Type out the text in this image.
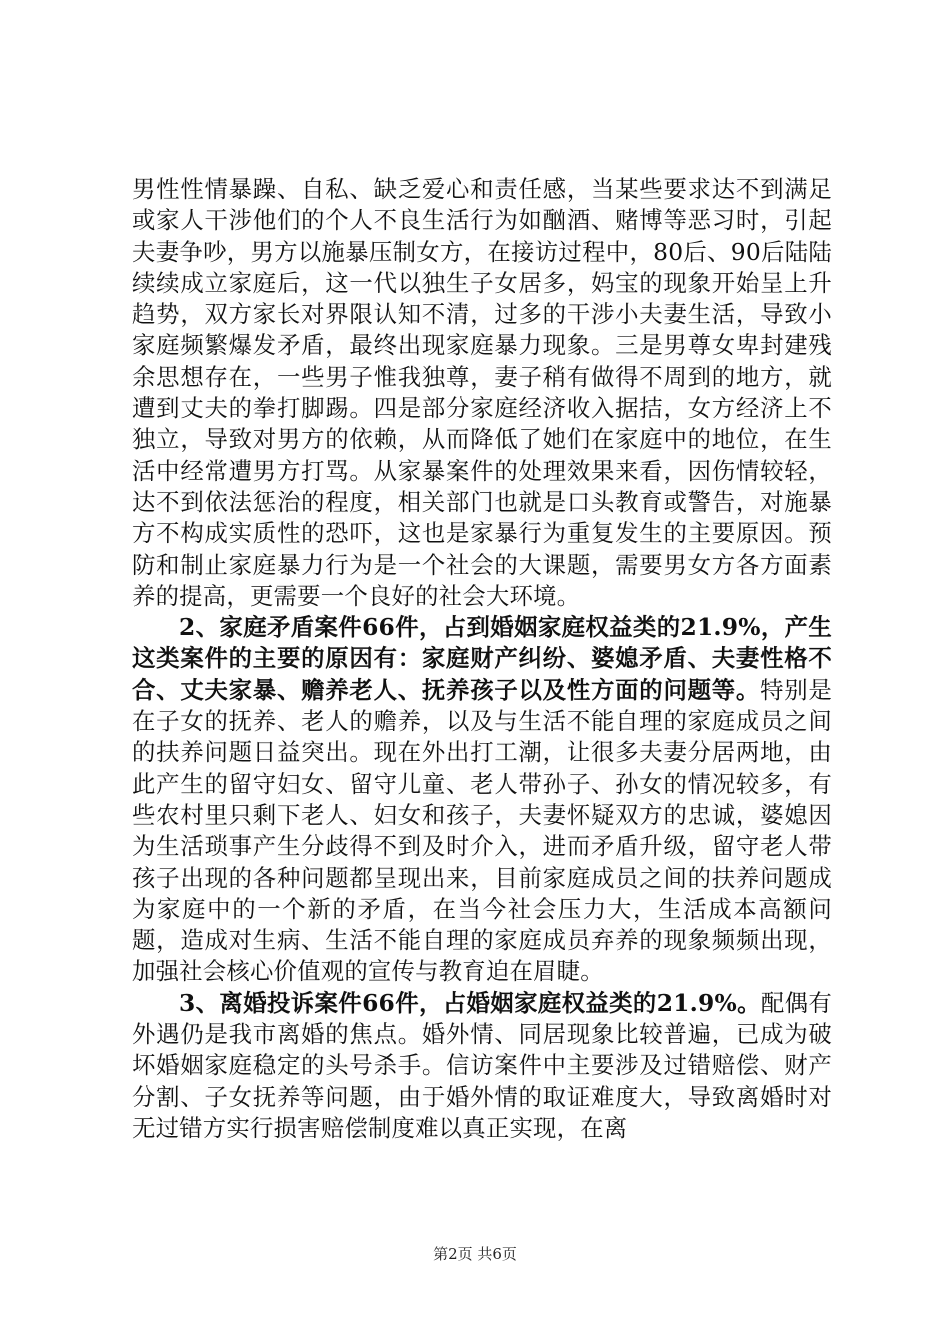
男性性情暴躁、自私、缺乏爱心和责任感，当某些要求达不到满足或家人干涉他们的个人不良生活行为如酗酒、赌博等恶习时，引起夫妻争吵，男方以施暴压制女方，在接访过程中，80后、90后陆陆续续成立家庭后，这一代以独生子女居多，妈宝的现象开始呈上升趋势，双方家长对界限认知不清，过多的干涉小夫妻生活，导致小家庭频繁爆发矛盾，最终出现家庭暴力现象。三是男尊女卑封建残余思想存在，一些男子惟我独尊，妻子稍有做得不周到的地方，就遭到丈夫的拳打脚踢。四是部分家庭经济收入据拮，女方经济上不独立，导致对男方的依赖，从而降低了她们在家庭中的地位，在生活中经常遭男方打骂。从家暴案件的处理效果来看，因伤情较轻，达不到依法惩治的程度，相关部门也就是口头教育或警告，对施暴方不构成实质性的恐吓，这也是家暴行为重复发生的主要原因。预防和制止家庭暴力行为是一个社会的大课题，需要男女方各方面素养的提高，更需要一个良好的社会大环境。

2、家庭矛盾案件66件，占到婚姻家庭权益类的21.9%，产生这类案件的主要的原因有：家庭财产纠纷、婆媳矛盾、夫妻性格不合、丈夫家暴、赡养老人、抚养孩子以及性方面的问题等。特别是在子女的抚养、老人的赡养，以及与生活不能自理的家庭成员之间的扶养问题日益突出。现在外出打工潮，让很多夫妻分居两地，由此产生的留守妇女、留守儿童、老人带孙子、孙女的情况较多，有些农村里只剩下老人、妇女和孩子，夫妻怀疑双方的忠诚，婆媳因为生活琐事产生分歧得不到及时介入，进而矛盾升级，留守老人带孩子出现的各种问题都呈现出来，目前家庭成员之间的扶养问题成为家庭中的一个新的矛盾，在当今社会压力大，生活成本高额问题，造成对生病、生活不能自理的家庭成员弃养的现象频频出现，加强社会核心价值观的宣传与教育迫在眉睫。

3、离婚投诉案件66件，占婚姻家庭权益类的21.9%。配偶有外遇仍是我市离婚的焦点。婚外情、同居现象比较普遍，已成为破坏婚姻家庭稳定的头号杀手。信访案件中主要涉及过错赔偿、财产分割、子女抚养等问题，由于婚外情的取证难度大，导致离婚时对无过错方实行损害赔偿制度难以真正实现，在离

第2页 共6页
